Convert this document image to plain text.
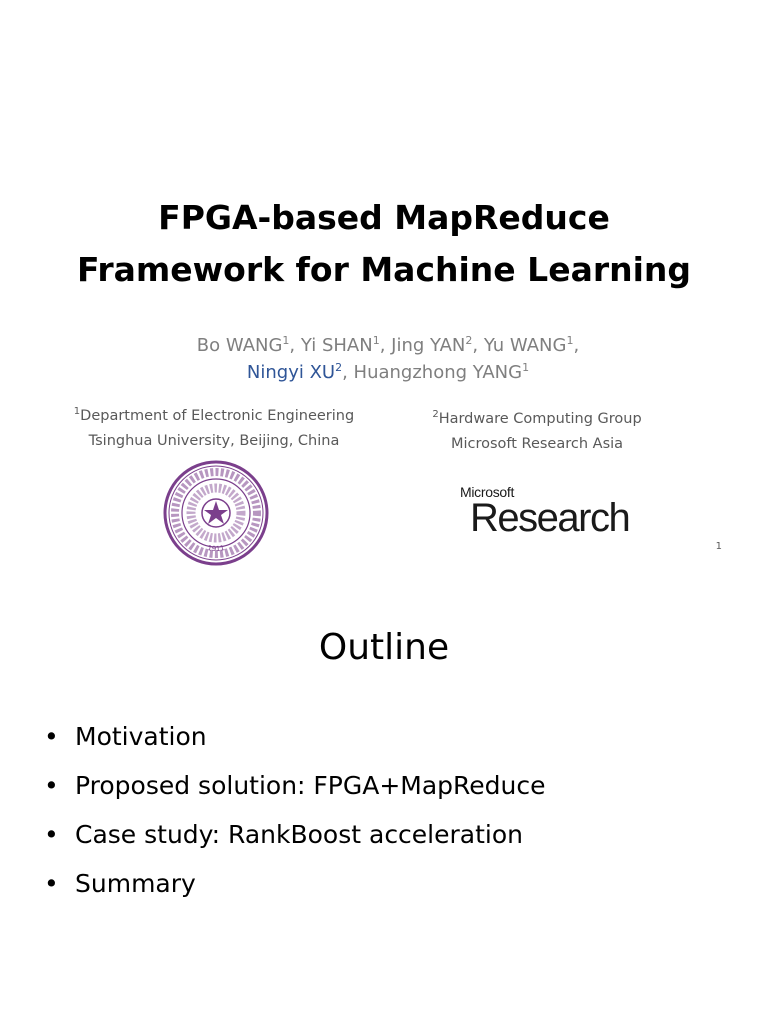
FPGA-based MapReduce
Framework for Machine Learning
Bo WANG$^1$, Yi SHAN$^1$, Jing YAN$^2$, Yu WANG$^1$,
Ningyi $XU^2$, Huangzhong YANG$^1$
$^1$Department of Electronic Engineering
Tsinghua University, Beijing, China
$^2$Hardware Computing Group
Microsoft Research Asia
1911
Microsoft
Research
1
Outline
• Motivation
• Proposed solution: FPGA+MapReduce
• Case study: RankBoost acceleration
• Summary
